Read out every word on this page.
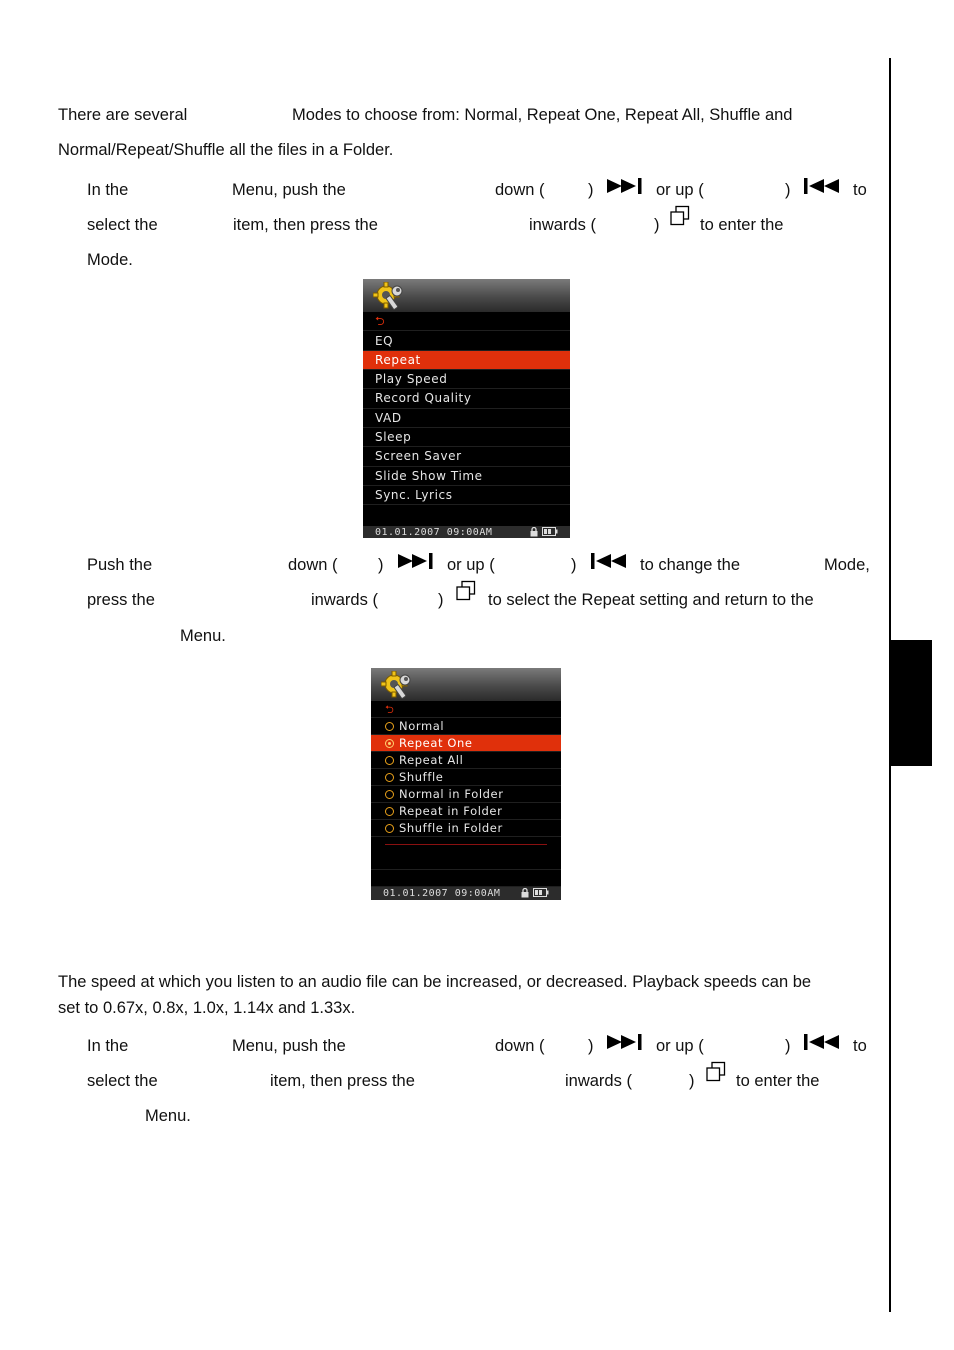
There are several	Modes to choose from: Normal, Repeat One, Repeat All, Shuffle and
Normal/Repeat/Shuffle all the files in a Folder.
In the	Menu, push the	down (	)	or up (	)	to
select the	item, then press the	inwards (	) to enter the
Mode.
⮌
EQ
Repeat
Play Speed
Record Quality
VAD
Sleep
Screen Saver
Slide Show Time
Sync. Lyrics
01.01.2007 09:00AM
Push the	down ( )	or up (	)	to change the	Mode,
press the	inwards (	)	to select the Repeat setting and return to the
Menu.
⮌
Normal
Repeat One
Repeat All
Shuffle
Normal in Folder
Repeat in Folder
Shuffle in Folder
01.01.2007 09:00AM
The speed at which you listen to an audio file can be increased, or decreased. Playback speeds can be
set to 0.67x, 0.8x, 1.0x, 1.14x and 1.33x.
In the	Menu, push the	down (	)	or up (	)	to
select the	item, then press the	inwards (	)	to enter the
Menu.
